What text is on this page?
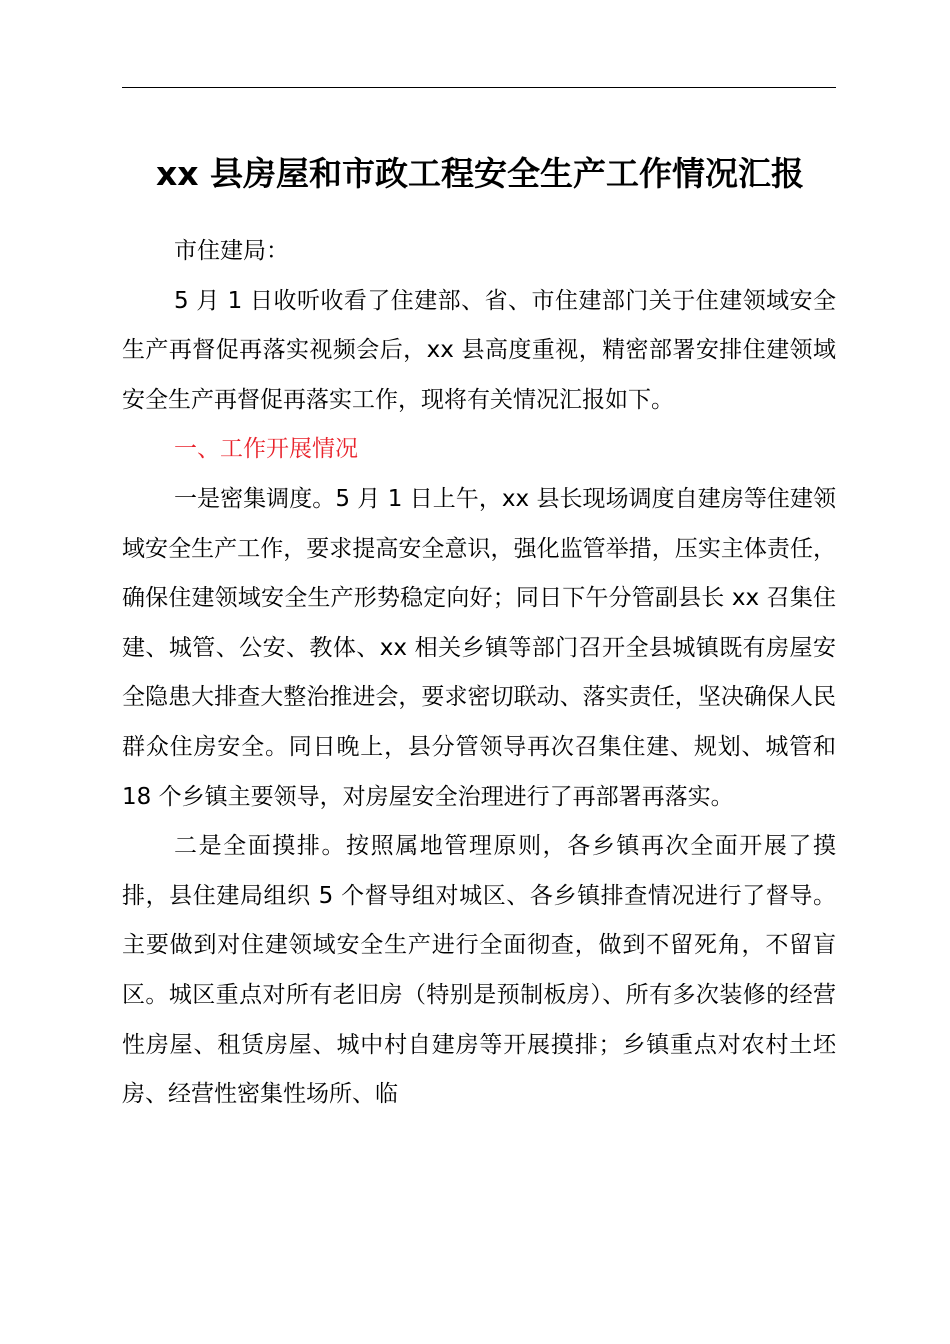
xx 县房屋和市政工程安全生产工作情况汇报

市住建局：

5 月 1 日收听收看了住建部、省、市住建部门关于住建领域安全生产再督促再落实视频会后，xx 县高度重视，精密部署安排住建领域安全生产再督促再落实工作，现将有关情况汇报如下。

一、工作开展情况

一是密集调度。5 月 1 日上午，xx 县长现场调度自建房等住建领域安全生产工作，要求提高安全意识，强化监管举措，压实主体责任，确保住建领域安全生产形势稳定向好；同日下午分管副县长 xx 召集住建、城管、公安、教体、xx 相关乡镇等部门召开全县城镇既有房屋安全隐患大排查大整治推进会，要求密切联动、落实责任，坚决确保人民群众住房安全。同日晚上，县分管领导再次召集住建、规划、城管和 18 个乡镇主要领导，对房屋安全治理进行了再部署再落实。

二是全面摸排。按照属地管理原则，各乡镇再次全面开展了摸排，县住建局组织 5 个督导组对城区、各乡镇排查情况进行了督导。主要做到对住建领域安全生产进行全面彻查，做到不留死角，不留盲区。城区重点对所有老旧房（特别是预制板房）、所有多次装修的经营性房屋、租赁房屋、城中村自建房等开展摸排；乡镇重点对农村土坯房、经营性密集性场所、临
